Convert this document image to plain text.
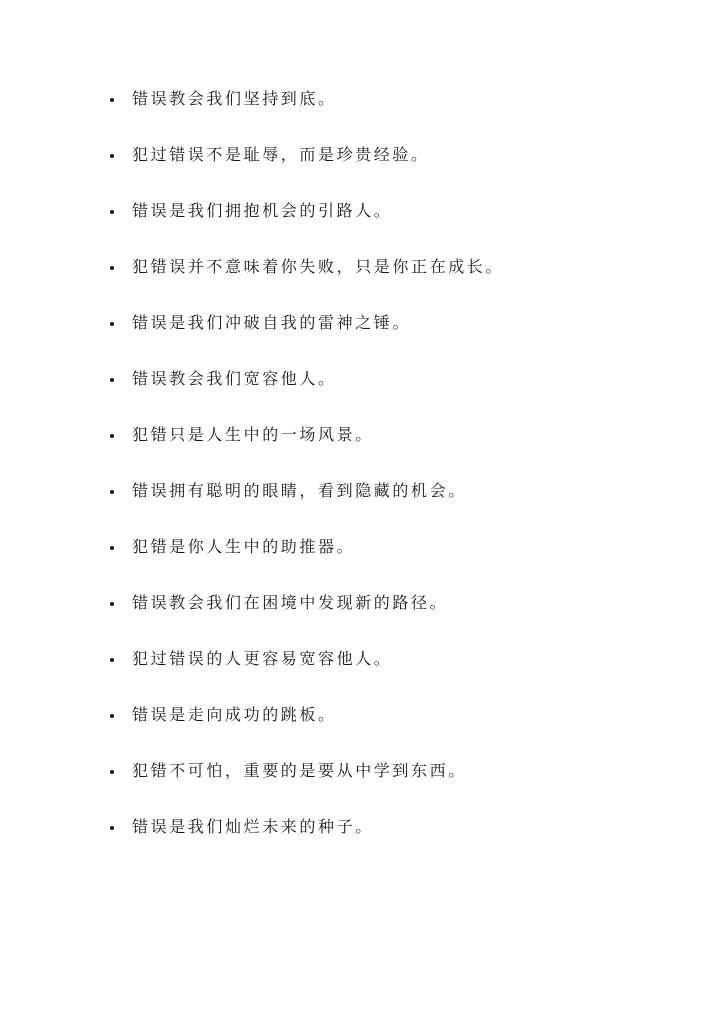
错误教会我们坚持到底。
犯过错误不是耻辱，而是珍贵经验。
错误是我们拥抱机会的引路人。
犯错误并不意味着你失败，只是你正在成长。
错误是我们冲破自我的雷神之锤。
错误教会我们宽容他人。
犯错只是人生中的一场风景。
错误拥有聪明的眼睛，看到隐藏的机会。
犯错是你人生中的助推器。
错误教会我们在困境中发现新的路径。
犯过错误的人更容易宽容他人。
错误是走向成功的跳板。
犯错不可怕，重要的是要从中学到东西。
错误是我们灿烂未来的种子。
